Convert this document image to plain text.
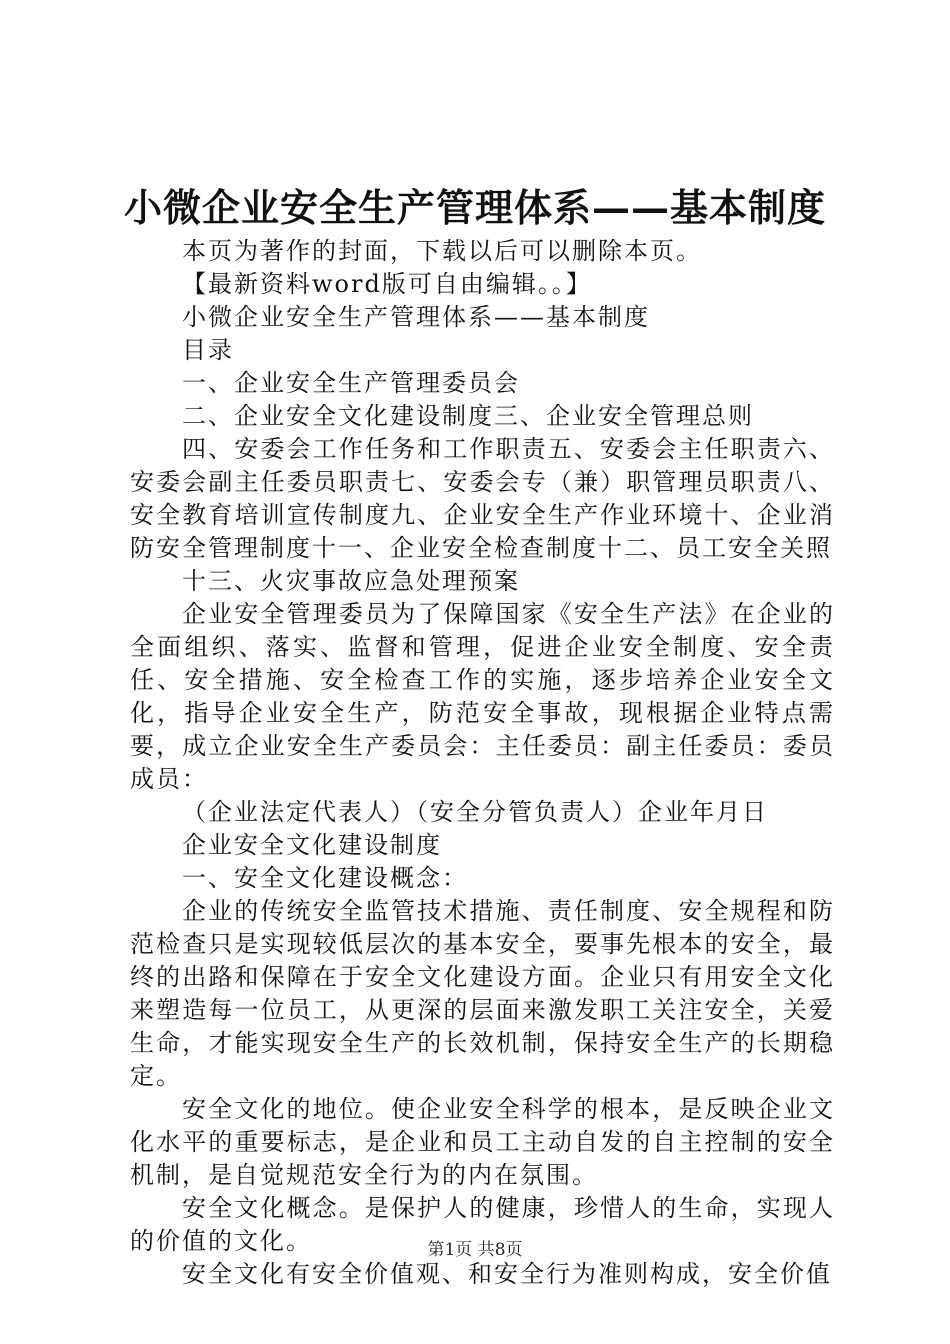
小微企业安全生产管理体系——基本制度

本页为著作的封面，下载以后可以删除本页。

【最新资料word版可自由编辑。。】

小微企业安全生产管理体系——基本制度

目录

一、企业安全生产管理委员会

二、企业安全文化建设制度三、企业安全管理总则

四、安委会工作任务和工作职责五、安委会主任职责六、安委会副主任委员职责七、安委会专（兼）职管理员职责八、安全教育培训宣传制度九、企业安全生产作业环境十、企业消防安全管理制度十一、企业安全检查制度十二、员工安全关照

十三、火灾事故应急处理预案

企业安全管理委员为了保障国家《安全生产法》在企业的全面组织、落实、监督和管理，促进企业安全制度、安全责任、安全措施、安全检查工作的实施，逐步培养企业安全文化，指导企业安全生产，防范安全事故，现根据企业特点需要，成立企业安全生产委员会：主任委员：副主任委员：委员成员：

（企业法定代表人）（安全分管负责人）企业年月日

企业安全文化建设制度

一、安全文化建设概念：

企业的传统安全监管技术措施、责任制度、安全规程和防范检查只是实现较低层次的基本安全，要事先根本的安全，最终的出路和保障在于安全文化建设方面。企业只有用安全文化来塑造每一位员工，从更深的层面来激发职工关注安全，关爱生命，才能实现安全生产的长效机制，保持安全生产的长期稳定。

安全文化的地位。使企业安全科学的根本，是反映企业文化水平的重要标志，是企业和员工主动自发的自主控制的安全机制，是自觉规范安全行为的内在氛围。

安全文化概念。是保护人的健康，珍惜人的生命，实现人的价值的文化。

安全文化有安全价值观、和安全行为准则构成，安全价值

第1页 共8页
